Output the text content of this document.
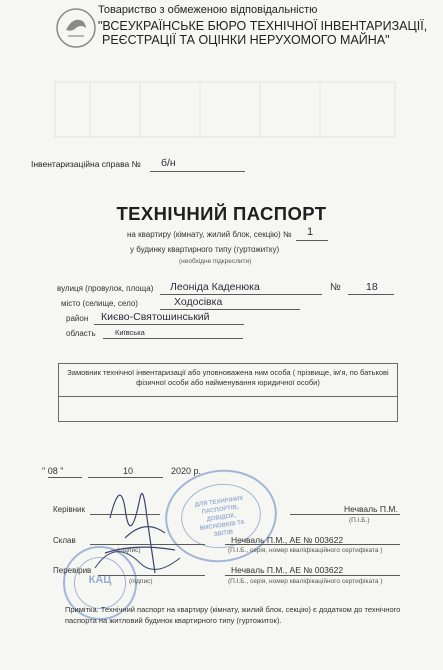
Товариство з обмеженою відповідальністю
"ВСЕУКРАЇНСЬКЕ БЮРО ТЕХНІЧНОЇ ІНВЕНТАРИЗАЦІЇ,
РЕЄСТРАЦІЇ ТА ОЦІНКИ НЕРУХОМОГО МАЙНА"
Інвентаризаційна справа № б/н
ТЕХНІЧНИЙ ПАСПОРТ
на квартиру (кімнату, жилий блок, секцію) № 1
у будинку квартирного типу (гуртожитку)
(необхідне підкреслити)
вулиця (провулок, площа) Леоніда Каденюка	№ 18
місто (селище, село)	Ходосівка
район Києво-Святошинський
область	Київська
Замовник технічної інвентаризації або уповноважена ним особа ( прізвище, ім'я, по батькові фізичної особи або найменування юридичної особи)
" 08 "	10	2020 р.
ДЛЯ ТЕХНІЧНИХ ПАСПОРТІВ, ДОВІДОК, ВИСНОВКІВ ТА ЗВІТІВ
КАЦ
Керівник	Нечваль П.М.
(П.І.Б.)
Склав
(підпис)
Нечваль П.М., АЕ № 003622
(П.І.Б., серія, номер кваліфікаційного сертифіката )
Перевірив
(підпис)
Нечваль П.М., АЕ № 003622
(П.І.Б., серія, номер кваліфікаційного сертифіката )
Примітка. Технічний паспорт на квартиру (кімнату, жилий блок, секцію) є додатком до технічного
паспорта на житловий будинок квартирного типу (гуртожиток).
